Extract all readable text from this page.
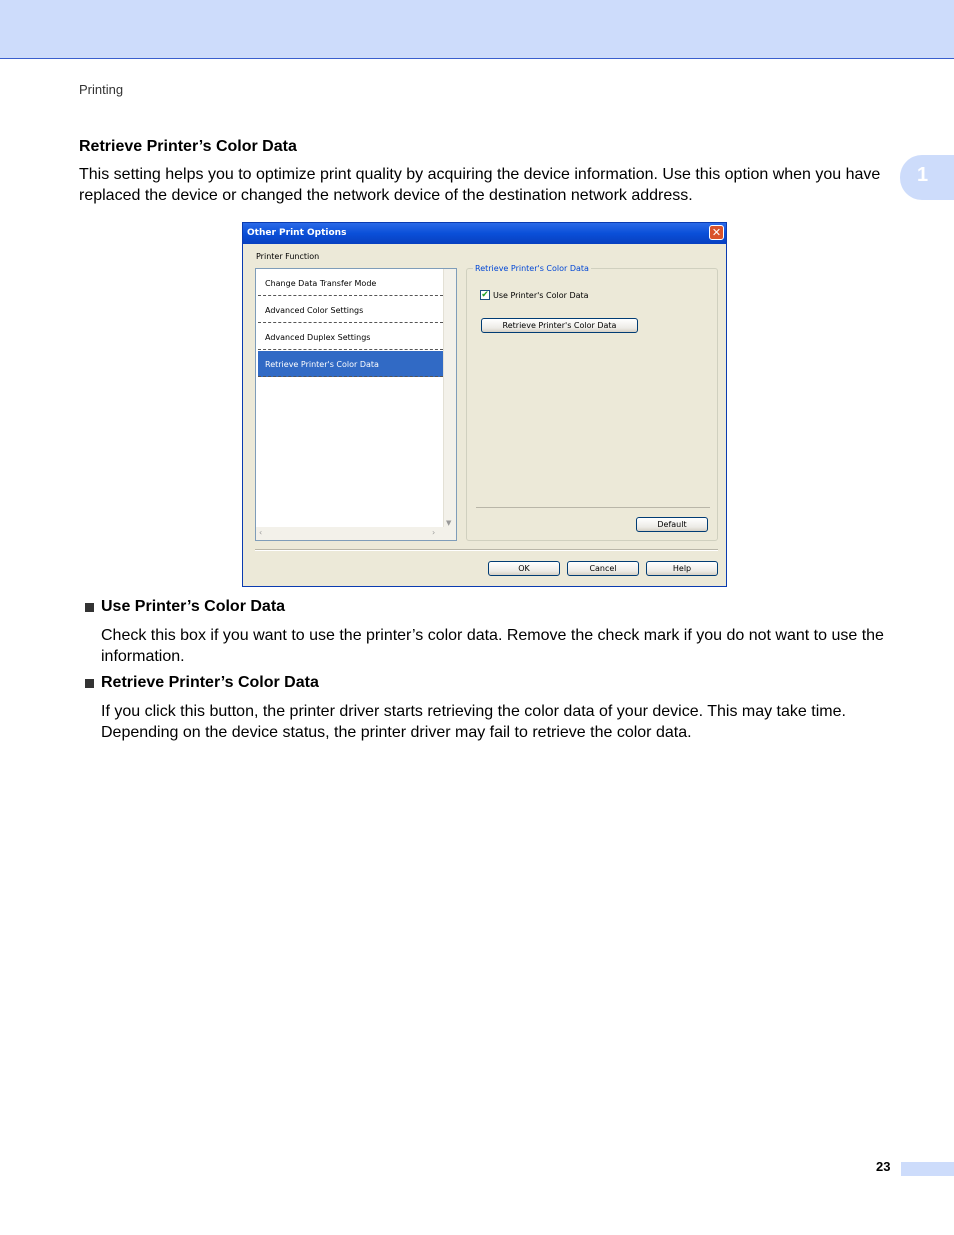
Printing
1
Retrieve Printer’s Color Data
This setting helps you to optimize print quality by acquiring the device information. Use this option when you have replaced the device or changed the network device of the destination network address.
Other Print Options	✕
Printer Function
Change Data Transfer Mode
Advanced Color Settings
Advanced Duplex Settings
Retrieve Printer's Color Data
▼
‹	›
Retrieve Printer's Color Data
✔ Use Printer's Color Data
Retrieve Printer's Color Data
Default
OK	Cancel	Help
Use Printer’s Color Data
Check this box if you want to use the printer’s color data. Remove the check mark if you do not want to use the information.
Retrieve Printer’s Color Data
If you click this button, the printer driver starts retrieving the color data of your device. This may take time. Depending on the device status, the printer driver may fail to retrieve the color data.
23
